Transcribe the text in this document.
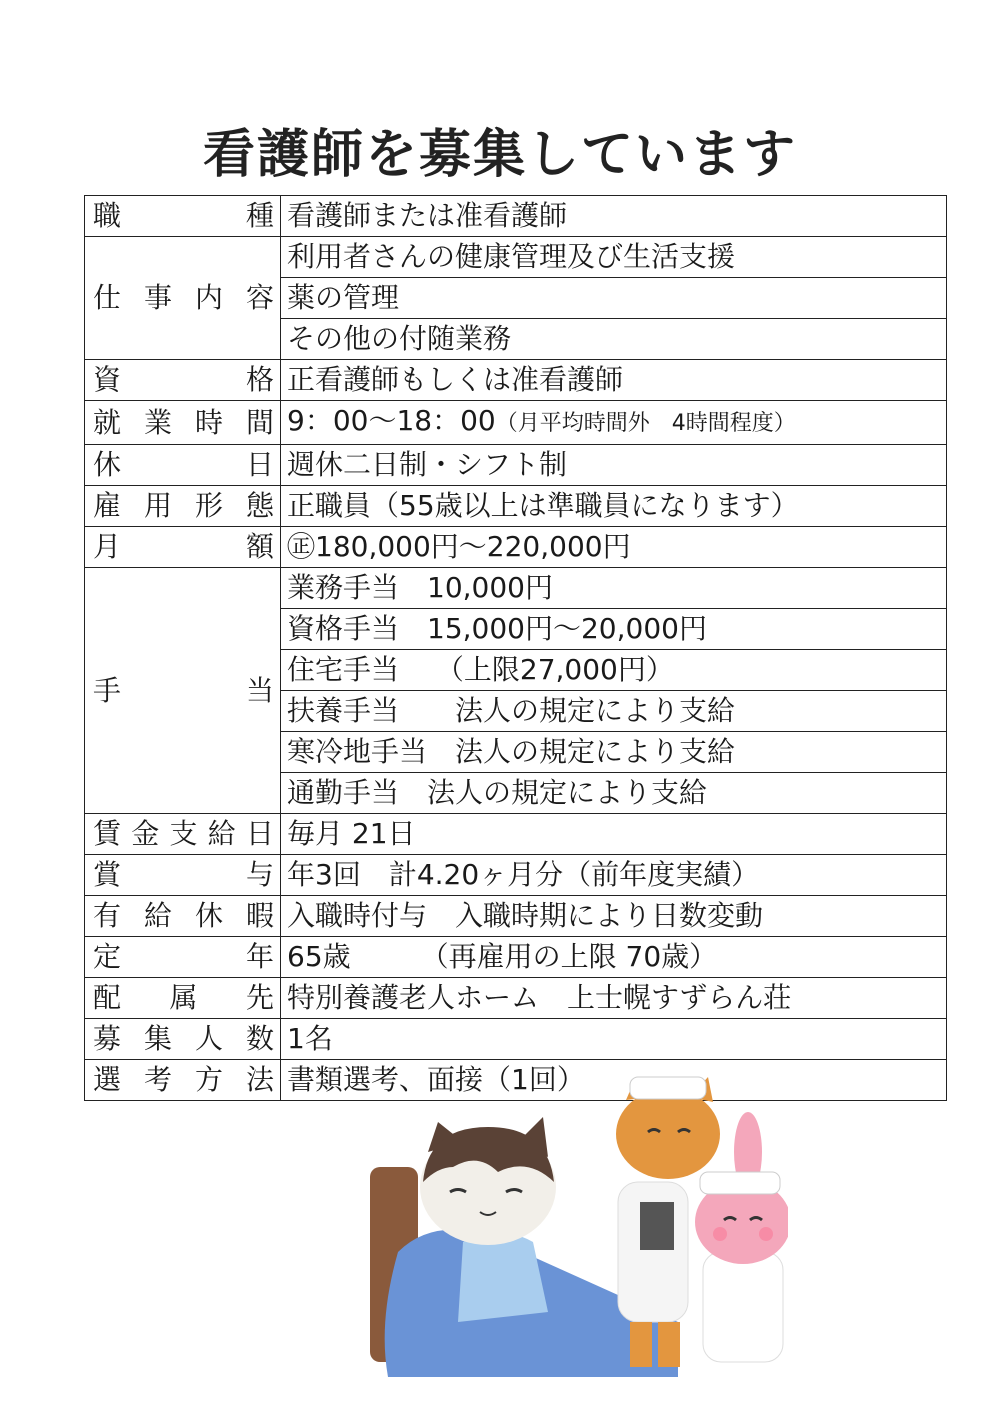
看護師を募集しています
職　　　種	看護師または准看護師
仕事内容	利用者さんの健康管理及び生活支援
	薬の管理
	その他の付随業務
資　　　格	正看護師もしくは准看護師
就業時間	9：00～18：00（月平均時間外　4時間程度）
休　　　日	週休二日制・シフト制
雇用形態	正職員（55歳以上は準職員になります）
月　　　額	㊣180,000円～220,000円
手　　　当	業務手当　10,000円
	資格手当　15,000円～20,000円
	住宅手当　 （上限27,000円）
	扶養手当　　法人の規定により支給
	寒冷地手当　法人の規定により支給
	通勤手当　法人の規定により支給
賃金支給日	毎月 21日
賞　　　与	年3回　計4.20ヶ月分（前年度実績）
有給休暇	入職時付与　入職時期により日数変動
定　　　年	65歳　　　（再雇用の上限 70歳）
配属先	特別養護老人ホーム　上士幌すずらん荘
募集人数	1名
選考方法	書類選考、面接（1回）
